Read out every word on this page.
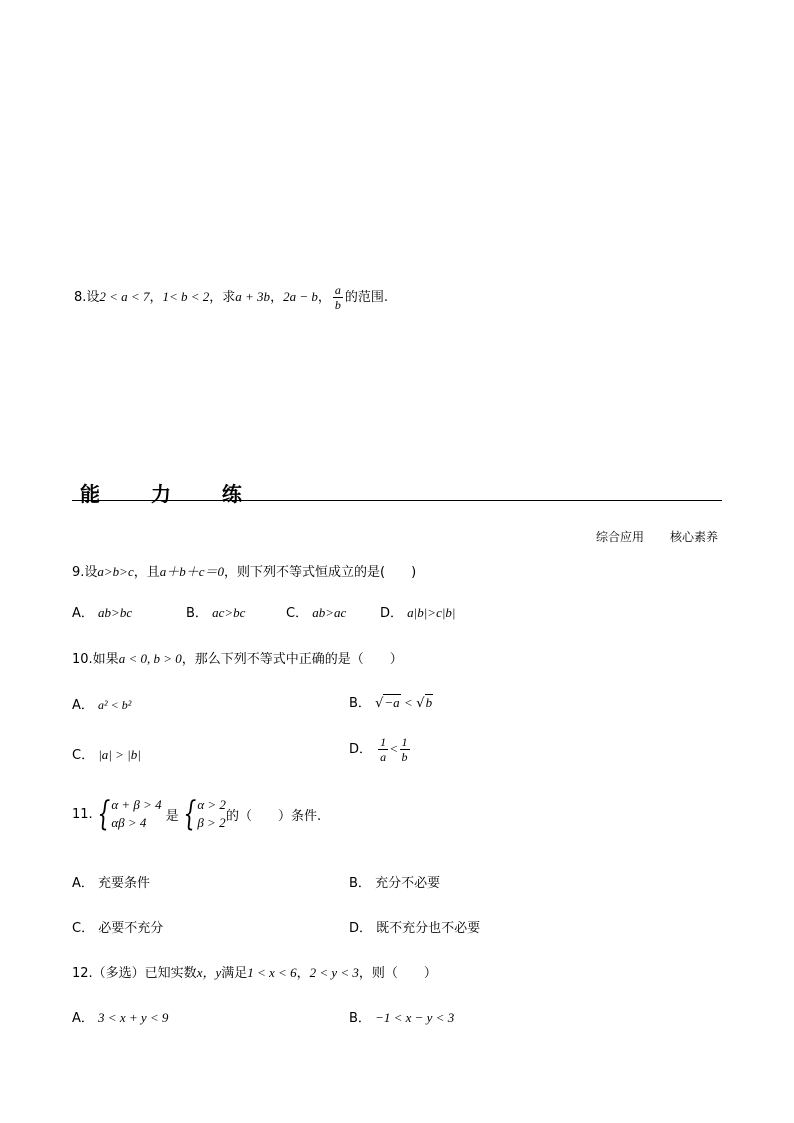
8.设2 < a < 7，1< b < 2，求a + 3b，2a − b， $\frac{a}{b}$ 的范围.
能 力 练
综合应用 核心素养
9.设a>b>c，且a＋b＋c＝0，则下列不等式恒成立的是(　　)
A． ab>bc	B． ac>bc	C． ab>ac	D． a|b|>c|b|
10.如果a < 0, b > 0，那么下列不等式中正确的是（　　）
A． a² < b²	B． √−a < √b
C． |a| > |b|	D． $\frac{1}{a} < \frac{1}{b}$
11. { α + β > 4
αβ > 4	是 { α > 2
β > 2 的（　　）条件.
A． 充要条件	B． 充分不必要
C． 必要不充分	D． 既不充分也不必要
12.（多选）已知实数x，y满足1 < x < 6，2 < y < 3，则（　　）
A． 3 < x + y < 9	B． −1 < x − y < 3
